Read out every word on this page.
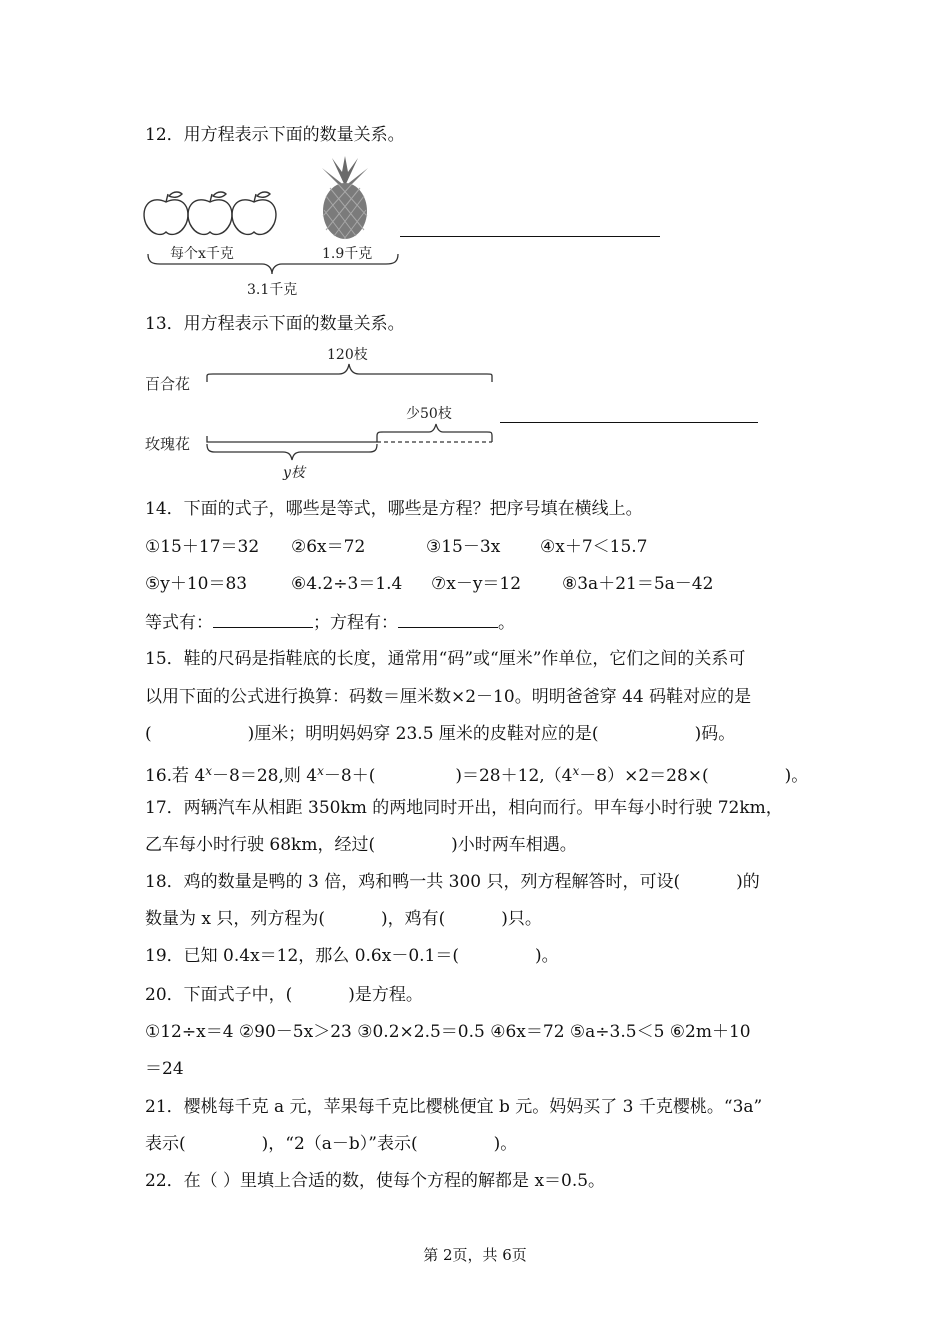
12．用方程表示下面的数量关系。
每个x千克	1.9千克
3.1千克
13．用方程表示下面的数量关系。
120枝
百合花
少50枝
玫瑰花
y枝
14．下面的式子，哪些是等式，哪些是方程？把序号填在横线上。
①15＋17＝32 ②6x＝72	③15－3x ④x＋7＜15.7
⑤y＋10＝83	⑥4.2÷3＝1.4 ⑦x－y＝12 ⑧3a＋21＝5a－42
等式有：	；方程有：	。
15．鞋的尺码是指鞋底的长度，通常用“码”或“厘米”作单位，它们之间的关系可
以用下面的公式进行换算：码数＝厘米数×2－10。明明爸爸穿 44 码鞋对应的是
(	)厘米；明明妈妈穿 23.5 厘米的皮鞋对应的是(	)码。
16.若 $4^x-8=28$,则 $4^x-8+$(	)$=28+12,(4^x-8)\times 2=28\times$(	)。
17．两辆汽车从相距 350km 的两地同时开出，相向而行。甲车每小时行驶 72km，
乙车每小时行驶 68km，经过(	)小时两车相遇。
18．鸡的数量是鸭的 3 倍，鸡和鸭一共 300 只，列方程解答时，可设(	)的
数量为 x 只，列方程为(	)，鸡有(	)只。
19．已知 0.4x＝12，那么 0.6x－0.1＝(	)。
20．下面式子中，(	)是方程。
①12÷x＝4 ②90－5x＞23 ③0.2×2.5＝0.5 ④6x＝72 ⑤a÷3.5＜5 ⑥2m＋10
＝24
21．樱桃每千克 a 元，苹果每千克比樱桃便宜 b 元。妈妈买了 3 千克樱桃。“3a”
表示(	)，“2（a－b）”表示(	)。
22．在（ ）里填上合适的数，使每个方程的解都是 x＝0.5。
第 2页，共 6页
